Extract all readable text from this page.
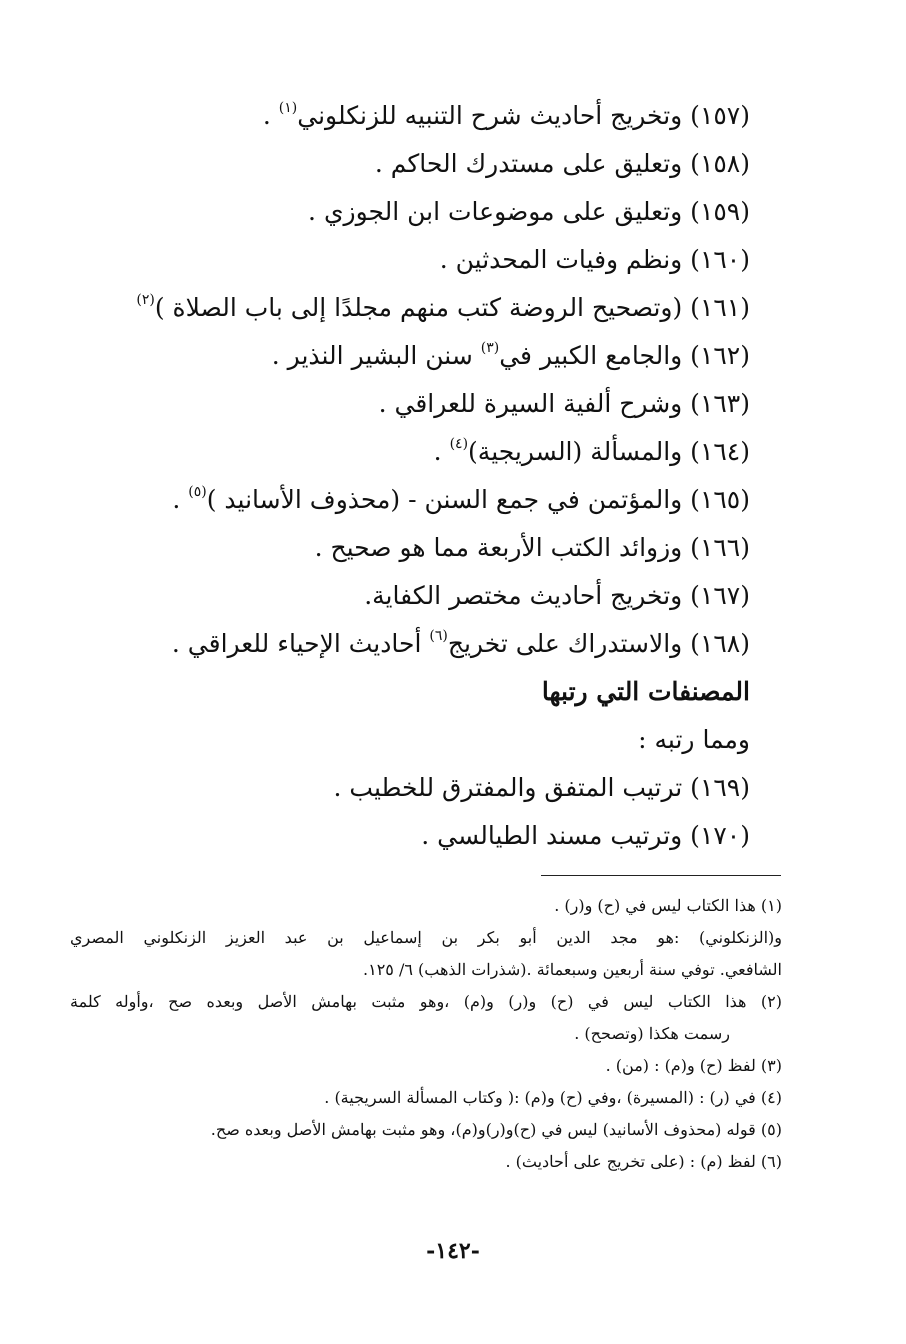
(١٥٧) وتخريج أحاديث شرح التنبيه للزنكلوني$^{(١)}$ .
(١٥٨) وتعليق على مستدرك الحاكم .
(١٥٩) وتعليق على موضوعات ابن الجوزي .
(١٦٠) ونظم وفيات المحدثين .
(١٦١) (وتصحيح الروضة كتب منهم مجلدًا إلى باب الصلاة )$^{(٢)}$
(١٦٢) والجامع الكبير في$^{(٣)}$ سنن البشير النذير .
(١٦٣) وشرح ألفية السيرة للعراقي .
(١٦٤) والمسألة (السريجية)$^{(٤)}$ .
(١٦٥) والمؤتمن في جمع السنن - (محذوف الأسانيد )$^{(٥)}$ .
(١٦٦) وزوائد الكتب الأربعة مما هو صحيح .
(١٦٧) وتخريج أحاديث مختصر الكفاية.
(١٦٨) والاستدراك على تخريج$^{(٦)}$ أحاديث الإحياء للعراقي .
المصنفات التي رتبها
ومما رتبه :
(١٦٩) ترتيب المتفق والمفترق للخطيب .
(١٧٠) وترتيب مسند الطيالسي .
(١) هذا الكتاب ليس في (ح) و(ر) .
و(الزنكلوني) :هو مجد الدين أبو بكر بن إسماعيل بن عبد العزيز الزنكلوني المصري
الشافعي. توفي سنة أربعين وسبعمائة .(شذرات الذهب) ٦/ ١٢٥.
(٢) هذا الكتاب ليس في (ح) و(ر) و(م) ،وهو مثبت بهامش الأصل وبعده صح ،وأوله كلمة
رسمت هكذا (وتصحح) .
(٣) لفظ (ح) و(م) : (من) .
(٤) في (ر) : (المسيرة) ،وفي (ح) و(م) :( وكتاب المسألة السريجية) .
(٥) قوله (محذوف الأسانيد) ليس في (ح)و(ر)و(م)، وهو مثبت بهامش الأصل وبعده صح.
(٦) لفظ (م) : (على تخريج على أحاديث) .
-١٤٢-
